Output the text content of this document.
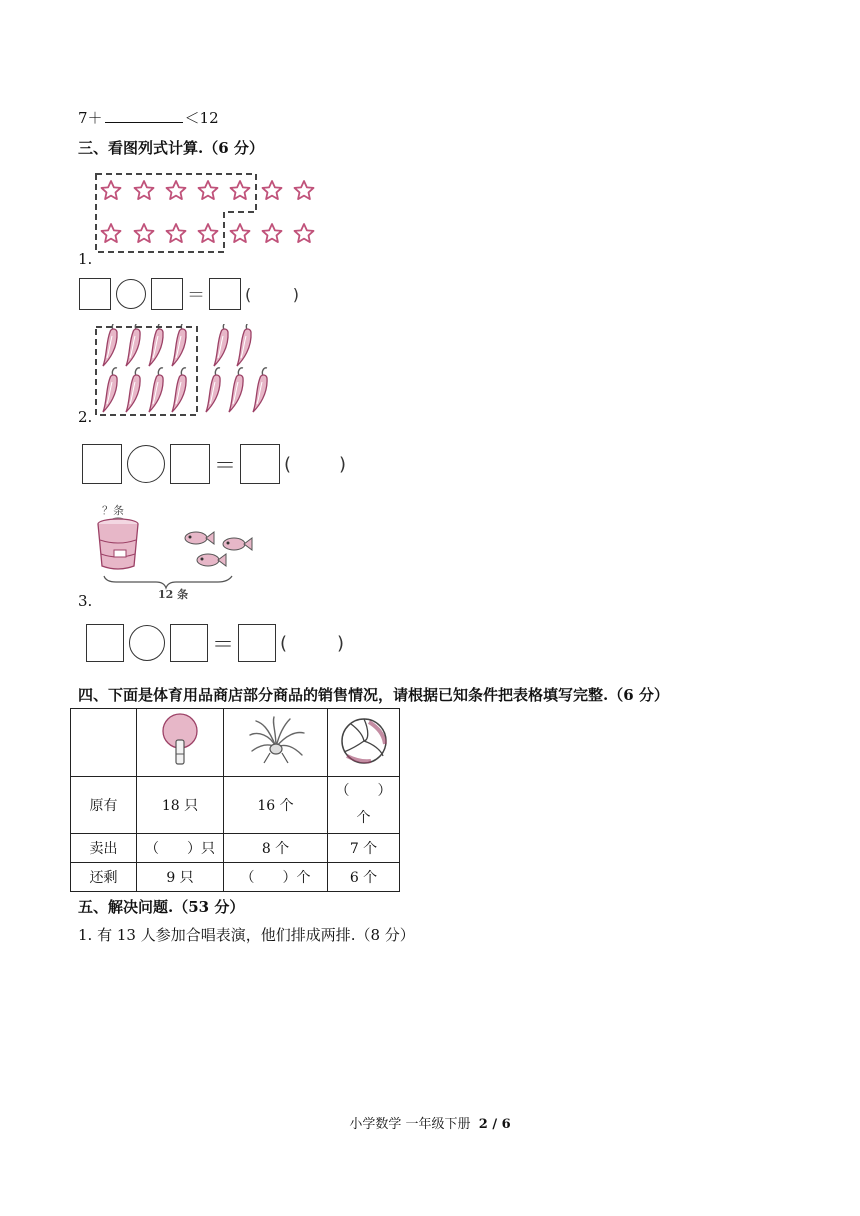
7＋	＜12
三、看图列式计算.（6 分）
1.
＝	(	)
2.
＝	(	)
？条
12 条
3.
＝	(	)
四、下面是体育用品商店部分商品的销售情况，请根据已知条件把表格填写完整.（6 分）

原有	18 只	16 个	（　　）
个
卖出	（　　）只	8 个	7 个
还剩	9 只	（　　）个	6 个
五、解决问题.（53 分）
1. 有 13 人参加合唱表演，他们排成两排.（8 分）
小学数学 一年级下册 2 / 6
